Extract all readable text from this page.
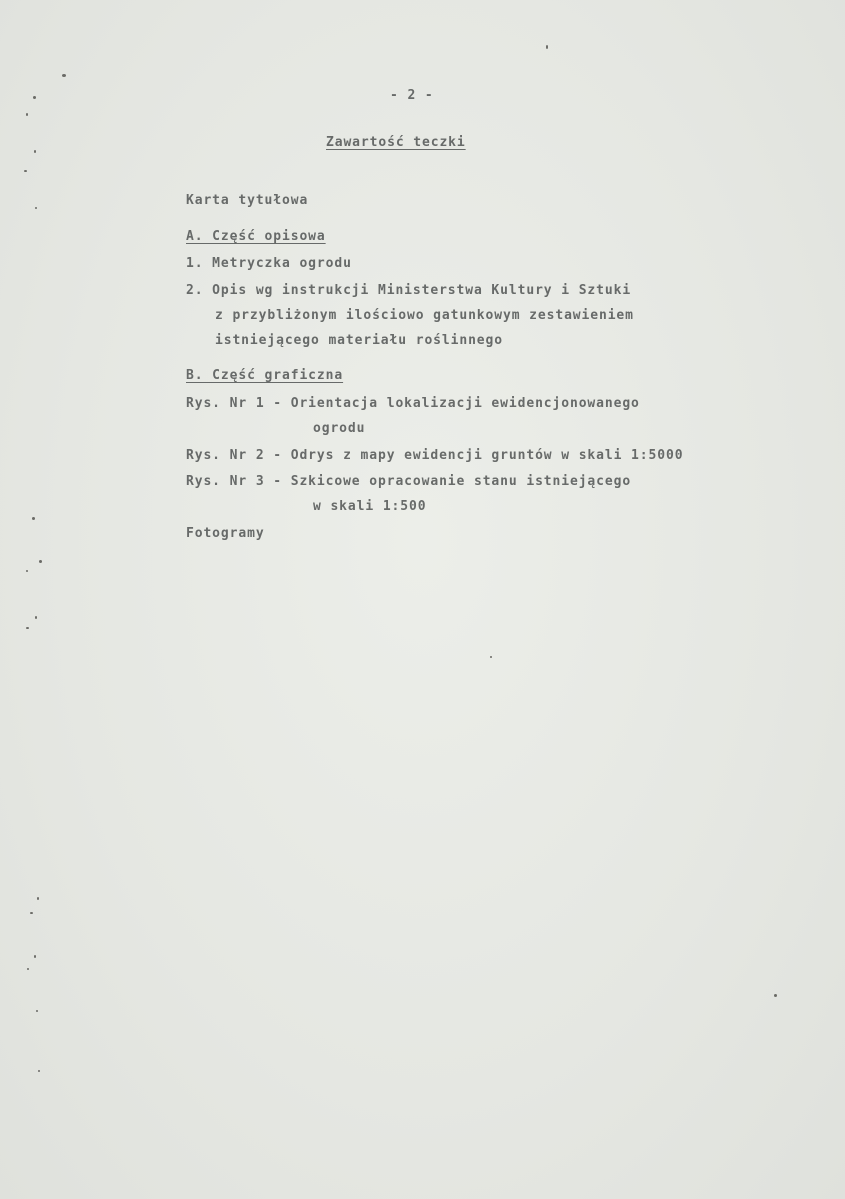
- 2 -
Zawartość teczki
Karta tytułowa
A. Część opisowa
1. Metryczka ogrodu
2. Opis wg instrukcji Ministerstwa Kultury i Sztuki
z przybliżonym ilościowo gatunkowym zestawieniem
istniejącego materiału roślinnego
B. Część graficzna
Rys. Nr 1 - Orientacja lokalizacji ewidencjonowanego
ogrodu
Rys. Nr 2 - Odrys z mapy ewidencji gruntów w skali 1:5000
Rys. Nr 3 - Szkicowe opracowanie stanu istniejącego
w skali 1:500
Fotogramy
